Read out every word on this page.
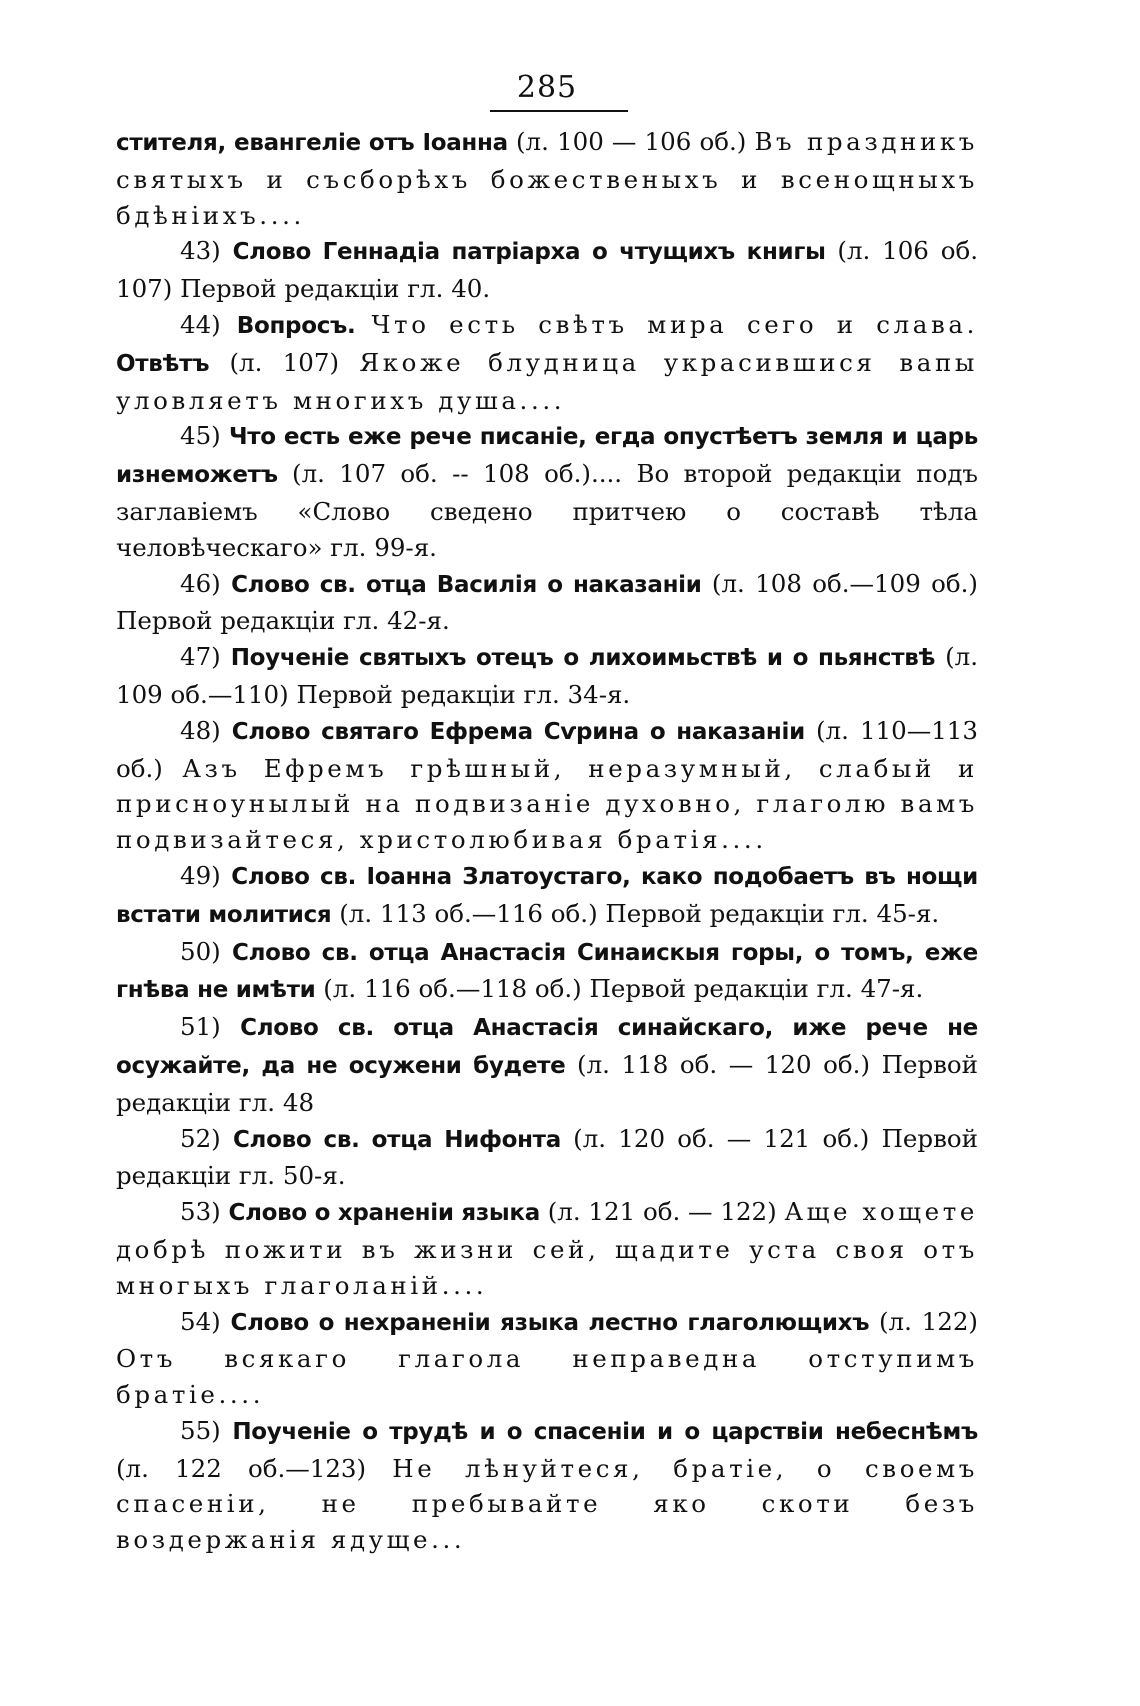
285

стителя, евангелiе отъ Iоанна (л. 100 — 106 об.) Въ праздникъ святыхъ и съсборѣхъ божественыхъ и всенощныхъ бдѣнiихъ....

43) Слово Геннадiа патрiарха о чтущихъ книгы (л. 106 об. 107) Первой редакцiи гл. 40.

44) Вопросъ. Что есть свѣтъ мира сего и слава. Отвѣтъ (л. 107) Якоже блудница украсившися вапы уловляетъ многихъ душа....

45) Что есть еже рече писанiе, егда опустѣетъ земля и царь изнеможетъ (л. 107 об. -- 108 об.).... Во второй редакцiи подъ заглавiемъ «Слово сведено притчею о составѣ тѣла человѣческаго» гл. 99-я.

46) Слово св. отца Василiя о наказанiи (л. 108 об.—109 об.) Первой редакцiи гл. 42-я.

47) Поученiе святыхъ отецъ о лихоимьствѣ и о пьянствѣ (л. 109 об.—110) Первой редакцiи гл. 34-я.

48) Слово святаго Ефрема Сѵрина о наказанiи (л. 110—113 об.) Азъ Ефремъ грѣшный, неразумный, слабый и присноунылый на подвизанiе духовно, глаголю вамъ подвизайтеся, христолюбивая братiя....

49) Слово св. Iоанна Златоустаго, како подобаетъ въ нощи встати молитися (л. 113 об.—116 об.) Первой редакцiи гл. 45-я.

50) Слово св. отца Анастасiя Синаискыя горы, о томъ, еже гнѣва не имѣти (л. 116 об.—118 об.) Первой редакцiи гл. 47-я.

51) Слово св. отца Анастасiя синайскаго, иже рече не осужайте, да не осужени будете (л. 118 об. — 120 об.) Первой редакцiи гл. 48

52) Слово св. отца Нифонта (л. 120 об. — 121 об.) Первой редакцiи гл. 50-я.

53) Слово о храненiи языка (л. 121 об. — 122) Аще хощете добрѣ пожити въ жизни сей, щадите уста своя отъ многыхъ глаголанiй....

54) Слово о нехраненiи языка лестно глаголющихъ (л. 122) Отъ всякаго глагола неправедна отступимъ братiе....

55) Поученiе о трудѣ и о спасенiи и о царствiи небеснѣмъ (л. 122 об.—123) Не лѣнуйтеся, братiе, о своемъ спасенiи, не пребывайте яко скоти безъ воздержанiя ядуще...
